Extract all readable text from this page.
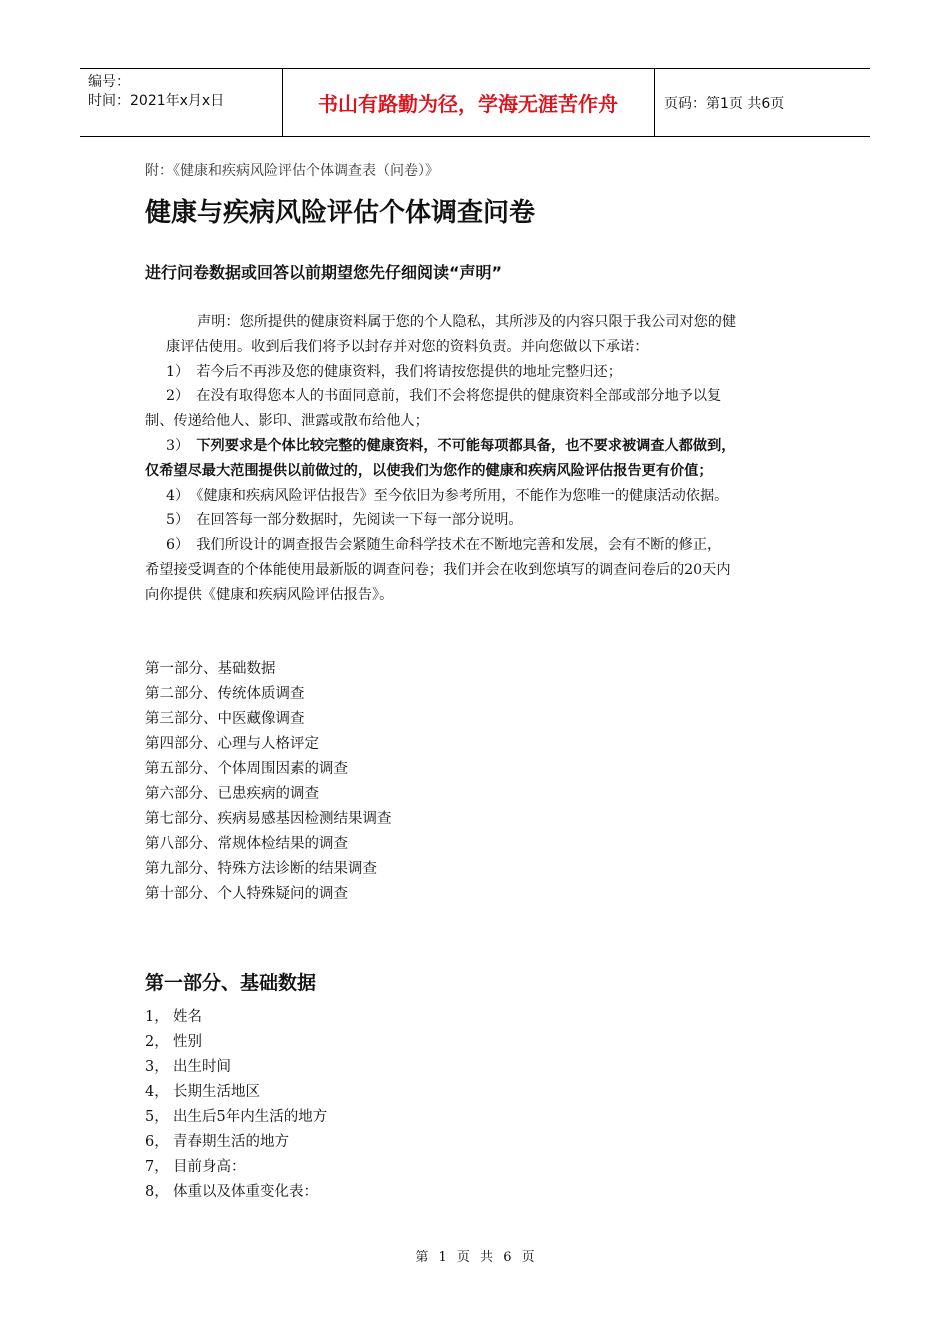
编号：
时间：2021年x月x日	书山有路勤为径，学海无涯苦作舟	页码：第1页 共6页
附：《健康和疾病风险评估个体调查表（问卷）》
健康与疾病风险评估个体调查问卷
进行问卷数据或回答以前期望您先仔细阅读“声明”

声明：您所提供的健康资料属于您的个人隐私，其所涉及的内容只限于我公司对您的健

康评估使用。收到后我们将予以封存并对您的资料负责。并向您做以下承诺：

1）　若今后不再涉及您的健康资料，我们将请按您提供的地址完整归还；

2）　在没有取得您本人的书面同意前，我们不会将您提供的健康资料全部或部分地予以复

制、传递给他人、影印、泄露或散布给他人；

3）　下列要求是个体比较完整的健康资料，不可能每项都具备，也不要求被调查人都做到，

仅希望尽最大范围提供以前做过的，以使我们为您作的健康和疾病风险评估报告更有价值；

4）　《健康和疾病风险评估报告》至今依旧为参考所用，不能作为您唯一的健康活动依据。

5）　在回答每一部分数据时，先阅读一下每一部分说明。

6）　我们所设计的调查报告会紧随生命科学技术在不断地完善和发展，会有不断的修正，

希望接受调查的个体能使用最新版的调查问卷；我们并会在收到您填写的调查问卷后的20天内

向你提供《健康和疾病风险评估报告》。

第一部分、基础数据
第二部分、传统体质调查
第三部分、中医藏像调查
第四部分、心理与人格评定
第五部分、个体周围因素的调查
第六部分、已患疾病的调查
第七部分、疾病易感基因检测结果调查
第八部分、常规体检结果的调查
第九部分、特殊方法诊断的结果调查
第十部分、个人特殊疑问的调查
第一部分、基础数据
1， 姓名
2， 性别
3， 出生时间
4， 长期生活地区
5， 出生后5年内生活的地方
6， 青春期生活的地方
7， 目前身高：
8， 体重以及体重变化表：
第 1 页 共 6 页
